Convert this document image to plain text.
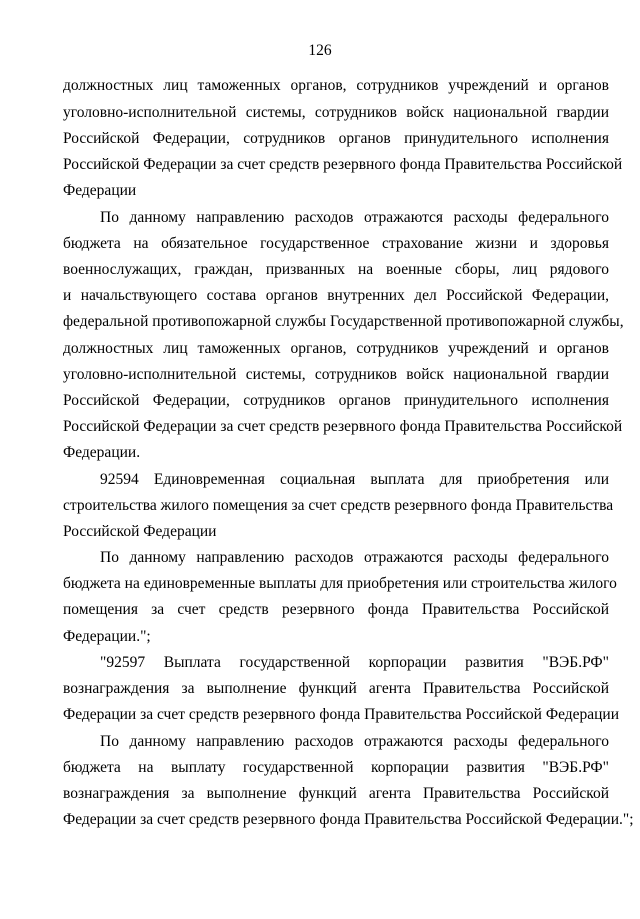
126
должностных лиц таможенных органов, сотрудников учреждений и органов
уголовно-исполнительной системы, сотрудников войск национальной гвардии
Российской Федерации, сотрудников органов принудительного исполнения
Российской Федерации за счет средств резервного фонда Правительства Российской
Федерации
По данному направлению расходов отражаются расходы федерального
бюджета на обязательное государственное страхование жизни и здоровья
военнослужащих, граждан, призванных на военные сборы, лиц рядового
и начальствующего состава органов внутренних дел Российской Федерации,
федеральной противопожарной службы Государственной противопожарной службы,
должностных лиц таможенных органов, сотрудников учреждений и органов
уголовно-исполнительной системы, сотрудников войск национальной гвардии
Российской Федерации, сотрудников органов принудительного исполнения
Российской Федерации за счет средств резервного фонда Правительства Российской
Федерации.
92594 Единовременная социальная выплата для приобретения или
строительства жилого помещения за счет средств резервного фонда Правительства
Российской Федерации
По данному направлению расходов отражаются расходы федерального
бюджета на единовременные выплаты для приобретения или строительства жилого
помещения за счет средств резервного фонда Правительства Российской
Федерации.";
"92597 Выплата государственной корпорации развития "ВЭБ.РФ"
вознаграждения за выполнение функций агента Правительства Российской
Федерации за счет средств резервного фонда Правительства Российской Федерации
По данному направлению расходов отражаются расходы федерального
бюджета на выплату государственной корпорации развития "ВЭБ.РФ"
вознаграждения за выполнение функций агента Правительства Российской
Федерации за счет средств резервного фонда Правительства Российской Федерации.";
